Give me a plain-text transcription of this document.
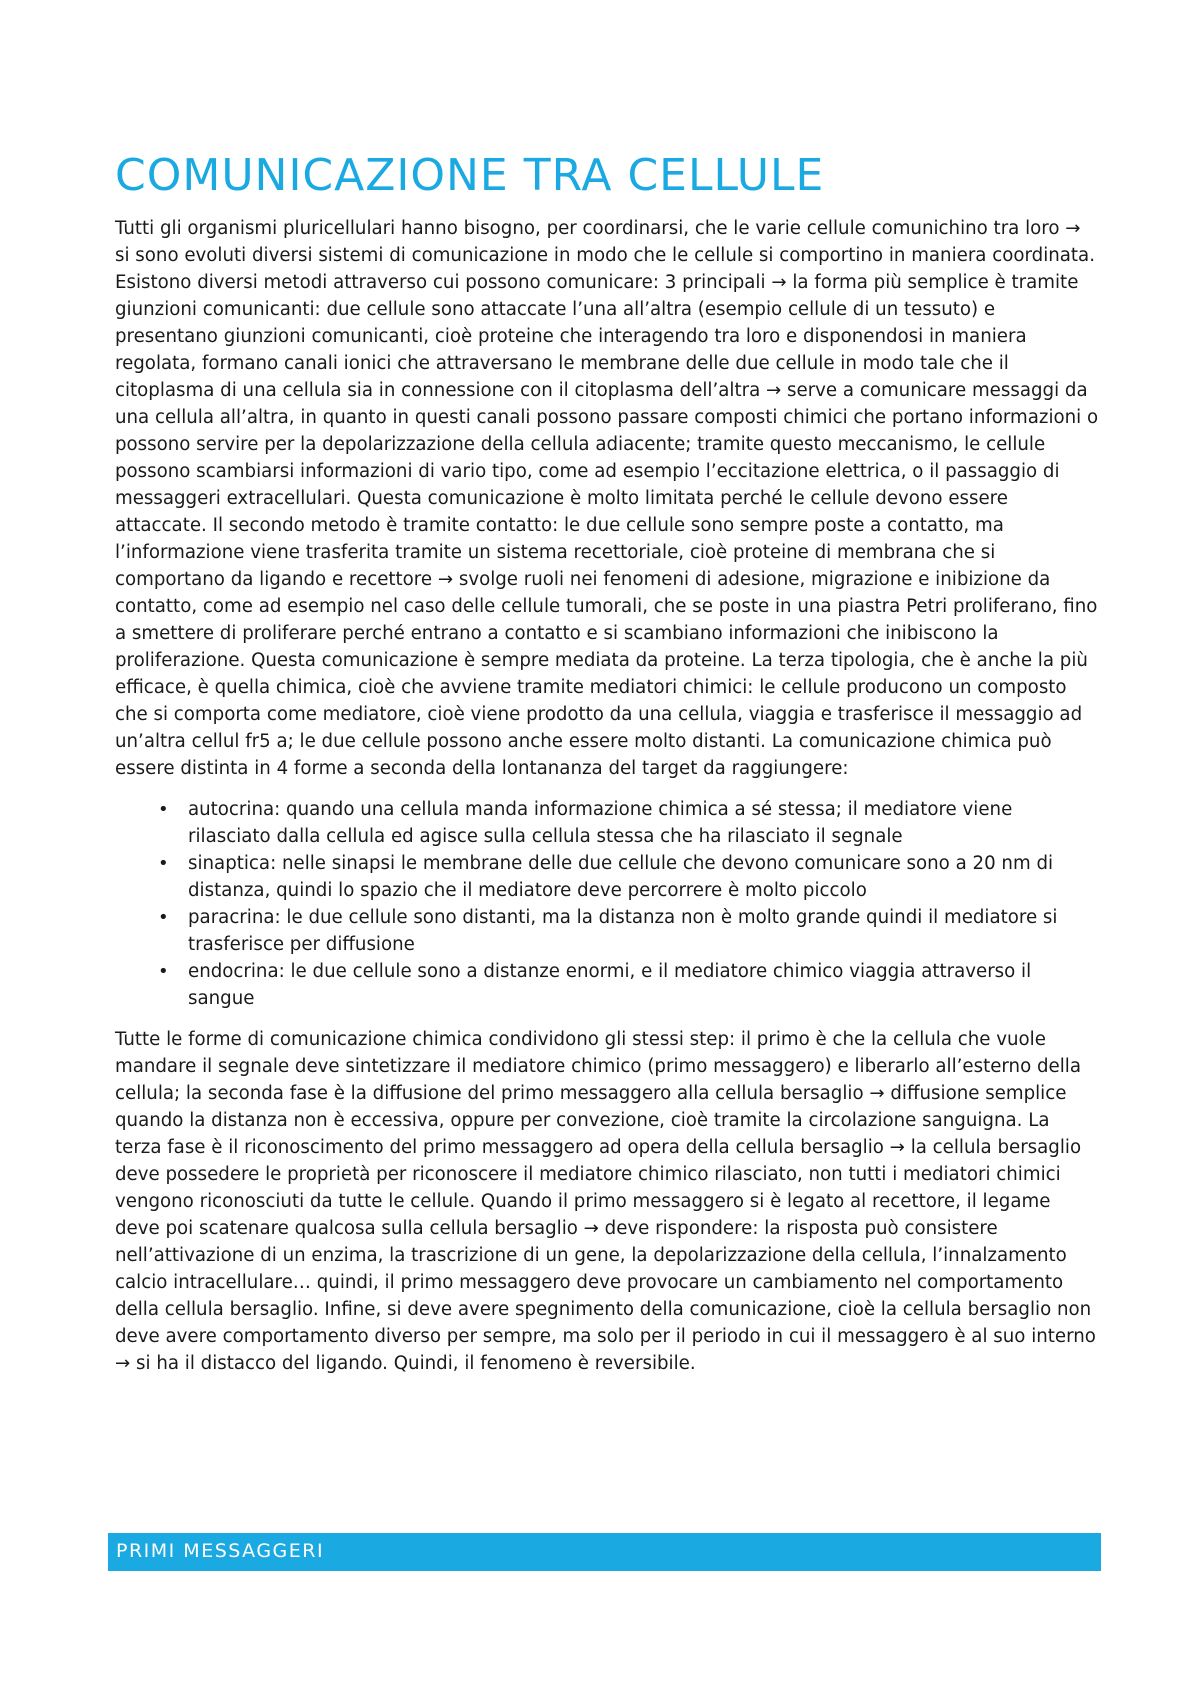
COMUNICAZIONE TRA CELLULE

Tutti gli organismi pluricellulari hanno bisogno, per coordinarsi, che le varie cellule comunichino tra loro → si sono evoluti diversi sistemi di comunicazione in modo che le cellule si comportino in maniera coordinata. Esistono diversi metodi attraverso cui possono comunicare: 3 principali → la forma più semplice è tramite giunzioni comunicanti: due cellule sono attaccate l’una all’altra (esempio cellule di un tessuto) e presentano giunzioni comunicanti, cioè proteine che interagendo tra loro e disponendosi in maniera regolata, formano canali ionici che attraversano le membrane delle due cellule in modo tale che il citoplasma di una cellula sia in connessione con il citoplasma dell’altra → serve a comunicare messaggi da una cellula all’altra, in quanto in questi canali possono passare composti chimici che portano informazioni o possono servire per la depolarizzazione della cellula adiacente; tramite questo meccanismo, le cellule possono scambiarsi informazioni di vario tipo, come ad esempio l’eccitazione elettrica, o il passaggio di messaggeri extracellulari. Questa comunicazione è molto limitata perché le cellule devono essere attaccate. Il secondo metodo è tramite contatto: le due cellule sono sempre poste a contatto, ma l’informazione viene trasferita tramite un sistema recettoriale, cioè proteine di membrana che si comportano da ligando e recettore → svolge ruoli nei fenomeni di adesione, migrazione e inibizione da contatto, come ad esempio nel caso delle cellule tumorali, che se poste in una piastra Petri proliferano, fino a smettere di proliferare perché entrano a contatto e si scambiano informazioni che inibiscono la proliferazione. Questa comunicazione è sempre mediata da proteine. La terza tipologia, che è anche la più efficace, è quella chimica, cioè che avviene tramite mediatori chimici: le cellule producono un composto che si comporta come mediatore, cioè viene prodotto da una cellula, viaggia e trasferisce il messaggio ad un’altra cellul fr5 a; le due cellule possono anche essere molto distanti. La comunicazione chimica può essere distinta in 4 forme a seconda della lontananza del target da raggiungere:

• autocrina: quando una cellula manda informazione chimica a sé stessa; il mediatore viene rilasciato dalla cellula ed agisce sulla cellula stessa che ha rilasciato il segnale
• sinaptica: nelle sinapsi le membrane delle due cellule che devono comunicare sono a 20 nm di distanza, quindi lo spazio che il mediatore deve percorrere è molto piccolo
• paracrina: le due cellule sono distanti, ma la distanza non è molto grande quindi il mediatore si trasferisce per diffusione
• endocrina: le due cellule sono a distanze enormi, e il mediatore chimico viaggia attraverso il sangue

Tutte le forme di comunicazione chimica condividono gli stessi step: il primo è che la cellula che vuole mandare il segnale deve sintetizzare il mediatore chimico (primo messaggero) e liberarlo all’esterno della cellula; la seconda fase è la diffusione del primo messaggero alla cellula bersaglio → diffusione semplice quando la distanza non è eccessiva, oppure per convezione, cioè tramite la circolazione sanguigna. La terza fase è il riconoscimento del primo messaggero ad opera della cellula bersaglio → la cellula bersaglio deve possedere le proprietà per riconoscere il mediatore chimico rilasciato, non tutti i mediatori chimici vengono riconosciuti da tutte le cellule. Quando il primo messaggero si è legato al recettore, il legame deve poi scatenare qualcosa sulla cellula bersaglio → deve rispondere: la risposta può consistere nell’attivazione di un enzima, la trascrizione di un gene, la depolarizzazione della cellula, l’innalzamento calcio intracellulare… quindi, il primo messaggero deve provocare un cambiamento nel comportamento della cellula bersaglio. Infine, si deve avere spegnimento della comunicazione, cioè la cellula bersaglio non deve avere comportamento diverso per sempre, ma solo per il periodo in cui il messaggero è al suo interno → si ha il distacco del ligando. Quindi, il fenomeno è reversibile.

PRIMI MESSAGGERI
